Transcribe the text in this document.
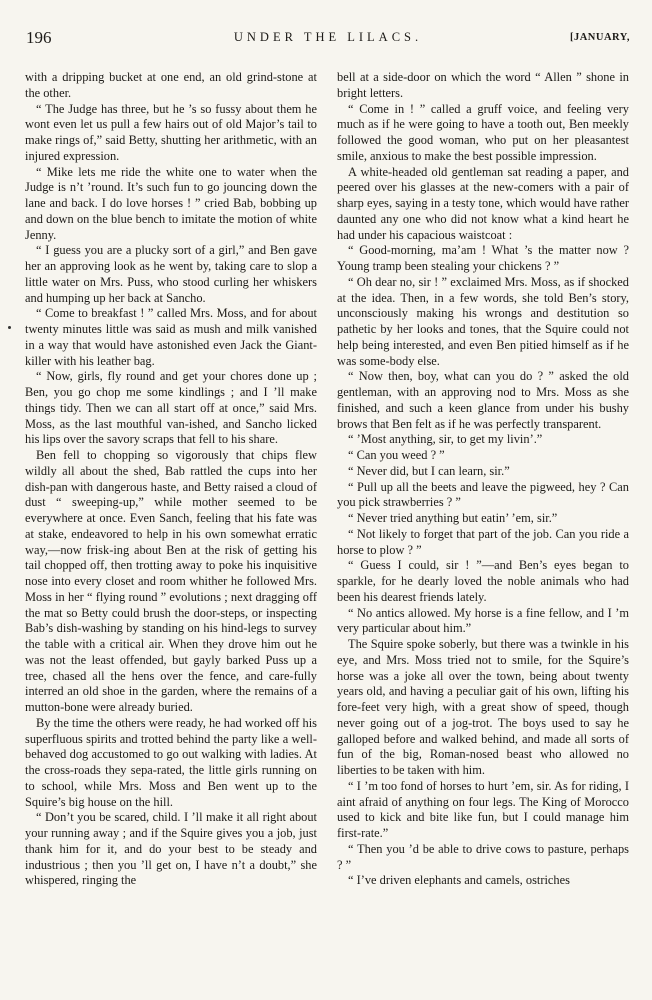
196	UNDER THE LILACS.	[JANUARY,

with a dripping bucket at one end, an old grind-stone at the other.

“ The Judge has three, but he ’s so fussy about them he wont even let us pull a few hairs out of old Major’s tail to make rings of,” said Betty, shutting her arithmetic, with an injured expression.

“ Mike lets me ride the white one to water when the Judge is n’t ’round. It’s such fun to go jouncing down the lane and back. I do love horses ! ” cried Bab, bobbing up and down on the blue bench to imitate the motion of white Jenny.

“ I guess you are a plucky sort of a girl,” and Ben gave her an approving look as he went by, taking care to slop a little water on Mrs. Puss, who stood curling her whiskers and humping up her back at Sancho.

“ Come to breakfast ! ” called Mrs. Moss, and for about twenty minutes little was said as mush and milk vanished in a way that would have astonished even Jack the Giant-killer with his leather bag.

“ Now, girls, fly round and get your chores done up ; Ben, you go chop me some kindlings ; and I ’ll make things tidy. Then we can all start off at once,” said Mrs. Moss, as the last mouthful van-ished, and Sancho licked his lips over the savory scraps that fell to his share.

Ben fell to chopping so vigorously that chips flew wildly all about the shed, Bab rattled the cups into her dish-pan with dangerous haste, and Betty raised a cloud of dust “ sweeping-up,” while mother seemed to be everywhere at once. Even Sanch, feeling that his fate was at stake, endeavored to help in his own somewhat erratic way,—now frisk-ing about Ben at the risk of getting his tail chopped off, then trotting away to poke his inquisitive nose into every closet and room whither he followed Mrs. Moss in her “ flying round ” evolutions ; next dragging off the mat so Betty could brush the door-steps, or inspecting Bab’s dish-washing by standing on his hind-legs to survey the table with a critical air. When they drove him out he was not the least offended, but gayly barked Puss up a tree, chased all the hens over the fence, and care-fully interred an old shoe in the garden, where the remains of a mutton-bone were already buried.

By the time the others were ready, he had worked off his superfluous spirits and trotted behind the party like a well-behaved dog accustomed to go out walking with ladies. At the cross-roads they sepa-rated, the little girls running on to school, while Mrs. Moss and Ben went up to the Squire’s big house on the hill.

“ Don’t you be scared, child. I ’ll make it all right about your running away ; and if the Squire gives you a job, just thank him for it, and do your best to be steady and industrious ; then you ’ll get on, I have n’t a doubt,” she whispered, ringing the

bell at a side-door on which the word “ Allen ” shone in bright letters.

“ Come in ! ” called a gruff voice, and feeling very much as if he were going to have a tooth out, Ben meekly followed the good woman, who put on her pleasantest smile, anxious to make the best possible impression.

A white-headed old gentleman sat reading a paper, and peered over his glasses at the new-comers with a pair of sharp eyes, saying in a testy tone, which would have rather daunted any one who did not know what a kind heart he had under his capacious waistcoat :

“ Good-morning, ma’am ! What ’s the matter now ? Young tramp been stealing your chickens ? ”

“ Oh dear no, sir ! ” exclaimed Mrs. Moss, as if shocked at the idea. Then, in a few words, she told Ben’s story, unconsciously making his wrongs and destitution so pathetic by her looks and tones, that the Squire could not help being interested, and even Ben pitied himself as if he was some-body else.

“ Now then, boy, what can you do ? ” asked the old gentleman, with an approving nod to Mrs. Moss as she finished, and such a keen glance from under his bushy brows that Ben felt as if he was perfectly transparent.

“ ’Most anything, sir, to get my livin’.”

“ Can you weed ? ”

“ Never did, but I can learn, sir.”

“ Pull up all the beets and leave the pigweed, hey ? Can you pick strawberries ? ”

“ Never tried anything but eatin’ ’em, sir.”

“ Not likely to forget that part of the job. Can you ride a horse to plow ? ”

“ Guess I could, sir ! ”—and Ben’s eyes began to sparkle, for he dearly loved the noble animals who had been his dearest friends lately.

“ No antics allowed. My horse is a fine fellow, and I ’m very particular about him.”

The Squire spoke soberly, but there was a twinkle in his eye, and Mrs. Moss tried not to smile, for the Squire’s horse was a joke all over the town, being about twenty years old, and having a peculiar gait of his own, lifting his fore-feet very high, with a great show of speed, though never going out of a jog-trot. The boys used to say he galloped before and walked behind, and made all sorts of fun of the big, Roman-nosed beast who allowed no liberties to be taken with him.

“ I ’m too fond of horses to hurt ’em, sir. As for riding, I aint afraid of anything on four legs. The King of Morocco used to kick and bite like fun, but I could manage him first-rate.”

“ Then you ’d be able to drive cows to pasture, perhaps ? ”

“ I’ve driven elephants and camels, ostriches
